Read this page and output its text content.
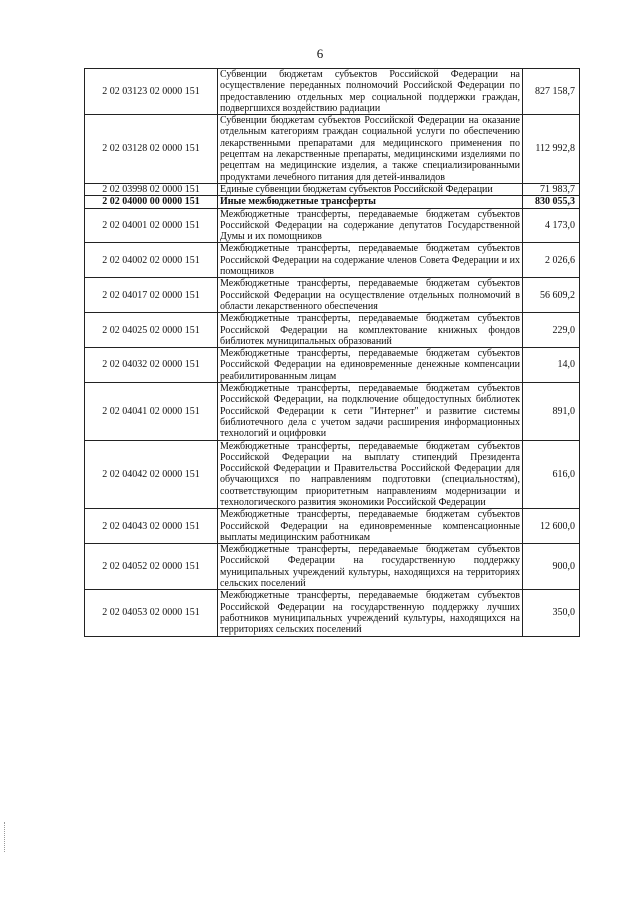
6
2 02 03123 02 0000 151	Субвенции бюджетам субъектов Российской Федерации на осуществление переданных полномочий Российской Федерации по предоставлению отдельных мер социальной поддержки граждан, подвергшихся воздействию радиации	827 158,7
2 02 03128 02 0000 151	Субвенции бюджетам субъектов Российской Федерации на оказание отдельным категориям граждан социальной услуги по обеспечению лекарственными препаратами для медицинского применения по рецептам на лекарственные препараты, медицинскими изделиями по рецептам на медицинские изделия, а также специализированными продуктами лечебного питания для детей-инвалидов	112 992,8
2 02 03998 02 0000 151	Единые субвенции бюджетам субъектов Российской Федерации	71 983,7
2 02 04000 00 0000 151	Иные межбюджетные трансферты	830 055,3
2 02 04001 02 0000 151	Межбюджетные трансферты, передаваемые бюджетам субъектов Российской Федерации на содержание депутатов Государственной Думы и их помощников	4 173,0
2 02 04002 02 0000 151	Межбюджетные трансферты, передаваемые бюджетам субъектов Российской Федерации на содержание членов Совета Федерации и их помощников	2 026,6
2 02 04017 02 0000 151	Межбюджетные трансферты, передаваемые бюджетам субъектов Российской Федерации на осуществление отдельных полномочий в области лекарственного обеспечения	56 609,2
2 02 04025 02 0000 151	Межбюджетные трансферты, передаваемые бюджетам субъектов Российской Федерации на комплектование книжных фондов библиотек муниципальных образований	229,0
2 02 04032 02 0000 151	Межбюджетные трансферты, передаваемые бюджетам субъектов Российской Федерации на единовременные денежные компенсации реабилитированным лицам	14,0
2 02 04041 02 0000 151	Межбюджетные трансферты, передаваемые бюджетам субъектов Российской Федерации, на подключение общедоступных библиотек Российской Федерации к сети "Интернет" и развитие системы библиотечного дела с учетом задачи расширения информационных технологий и оцифровки	891,0
2 02 04042 02 0000 151	Межбюджетные трансферты, передаваемые бюджетам субъектов Российской Федерации на выплату стипендий Президента Российской Федерации и Правительства Российской Федерации для обучающихся по направлениям подготовки (специальностям), соответствующим приоритетным направлениям модернизации и технологического развития экономики Российской Федерации	616,0
2 02 04043 02 0000 151	Межбюджетные трансферты, передаваемые бюджетам субъектов Российской Федерации на единовременные компенсационные выплаты медицинским работникам	12 600,0
2 02 04052 02 0000 151	Межбюджетные трансферты, передаваемые бюджетам субъектов Российской Федерации на государственную поддержку муниципальных учреждений культуры, находящихся на территориях сельских поселений	900,0
2 02 04053 02 0000 151	Межбюджетные трансферты, передаваемые бюджетам субъектов Российской Федерации на государственную поддержку лучших работников муниципальных учреждений культуры, находящихся на территориях сельских поселений	350,0
